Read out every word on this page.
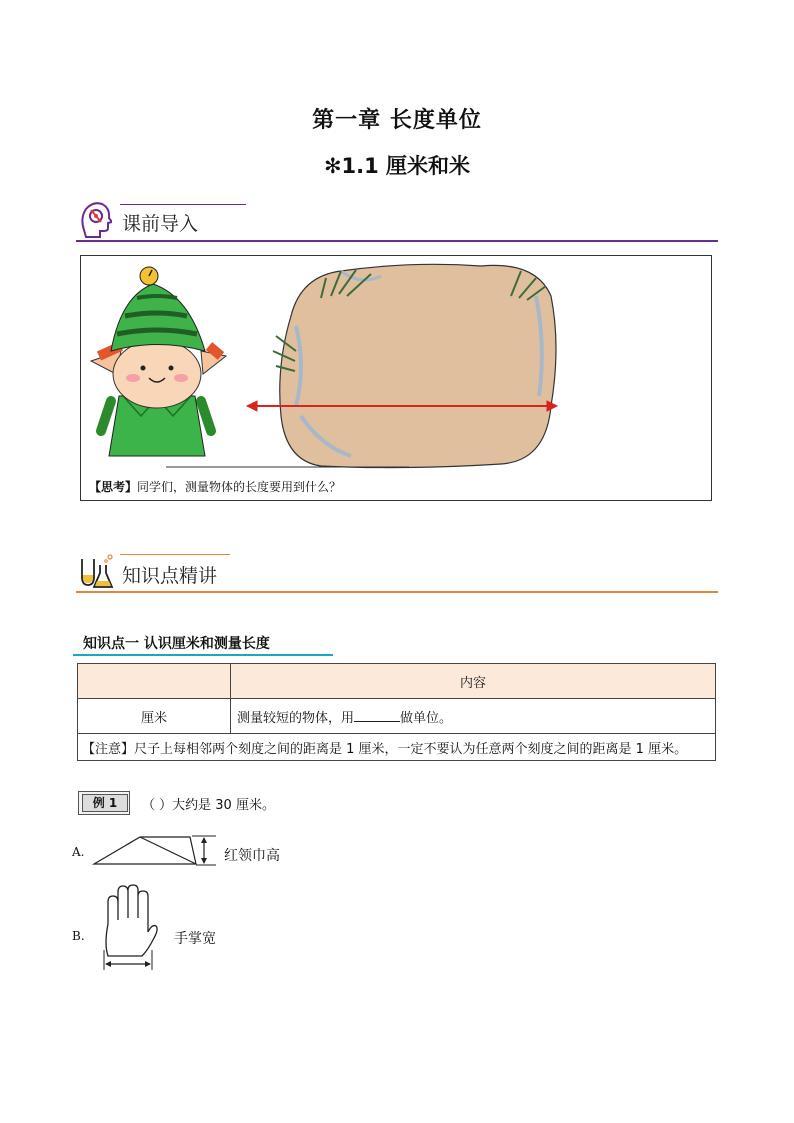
第一章 长度单位
✻1.1 厘米和米
课前导入
【思考】同学们，测量物体的长度要用到什么？
知识点精讲
知识点一 认识厘米和测量长度
	内容
厘米	测量较短的物体，用 做单位。
【注意】尺子上每相邻两个刻度之间的距离是 1 厘米，一定不要认为任意两个刻度之间的距离是 1 厘米。	
例 1	（ ）大约是 30 厘米。
A.	红领巾高
B.	手掌宽
